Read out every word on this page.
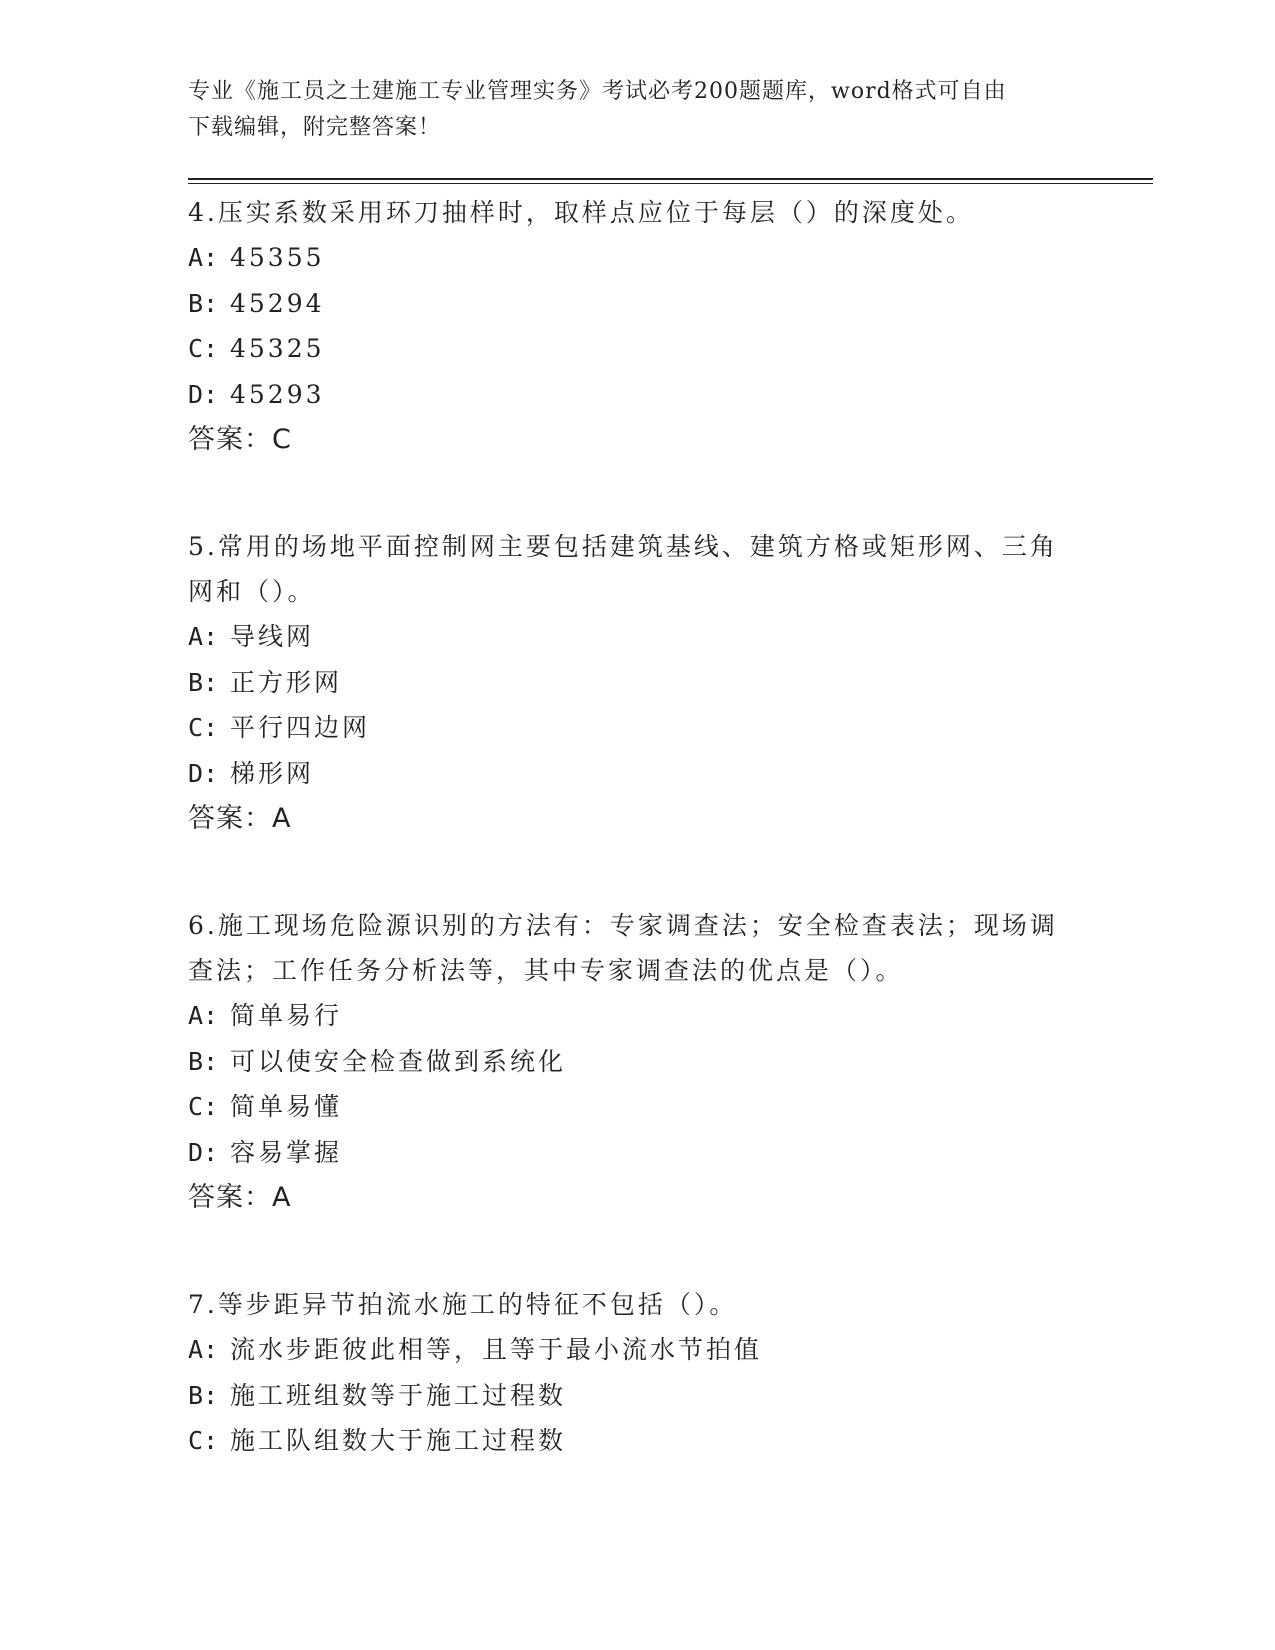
专业《施工员之土建施工专业管理实务》考试必考200题题库，word格式可自由
下载编辑，附完整答案！

4.压实系数采用环刀抽样时，取样点应位于每层（）的深度处。

A: 45355

B: 45294

C: 45325

D: 45293

答案：C

5.常用的场地平面控制网主要包括建筑基线、建筑方格或矩形网、三角网和（）。

A: 导线网

B: 正方形网

C: 平行四边网

D: 梯形网

答案：A

6.施工现场危险源识别的方法有：专家调查法；安全检查表法；现场调查法；工作任务分析法等，其中专家调查法的优点是（）。

A: 简单易行

B: 可以使安全检查做到系统化

C: 简单易懂

D: 容易掌握

答案：A

7.等步距异节拍流水施工的特征不包括（）。

A: 流水步距彼此相等，且等于最小流水节拍值

B: 施工班组数等于施工过程数

C: 施工队组数大于施工过程数
